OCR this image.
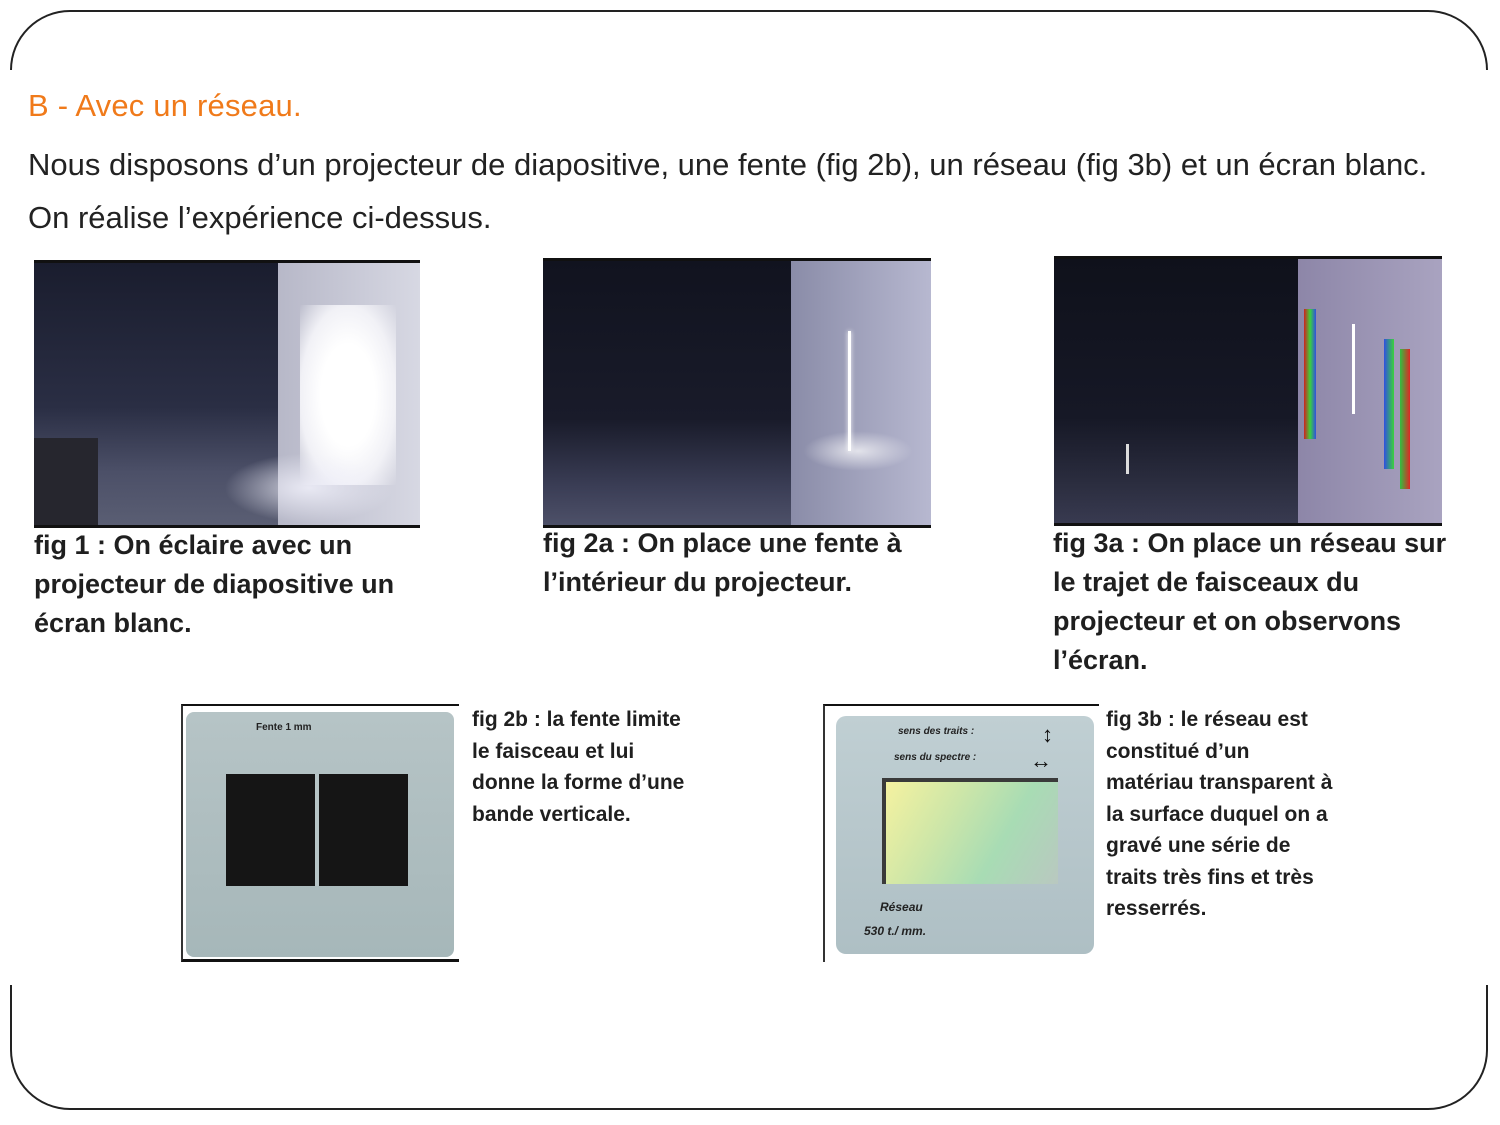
B - Avec un réseau.
Nous disposons d’un projecteur de diapositive, une fente (fig 2b), un réseau (fig 3b) et un écran blanc. On réalise l’expérience ci-dessus.
fig 1 : On éclaire avec un projecteur de diapositive un écran blanc.
fig 2a : On place une fente à l’intérieur du projecteur.
fig 3a : On place un réseau sur le trajet de faisceaux du projecteur et on observons l’écran.
Fente 1 mm	fig 2b : la fente limite le faisceau et lui donne la forme d’une bande verticale.
sens des traits :
sens du spectre :
↕
↔
Réseau
530 t./ mm.
fig 3b : le réseau est constitué d’un matériau transparent à la surface duquel on a gravé une série de traits très fins et très resserrés.
